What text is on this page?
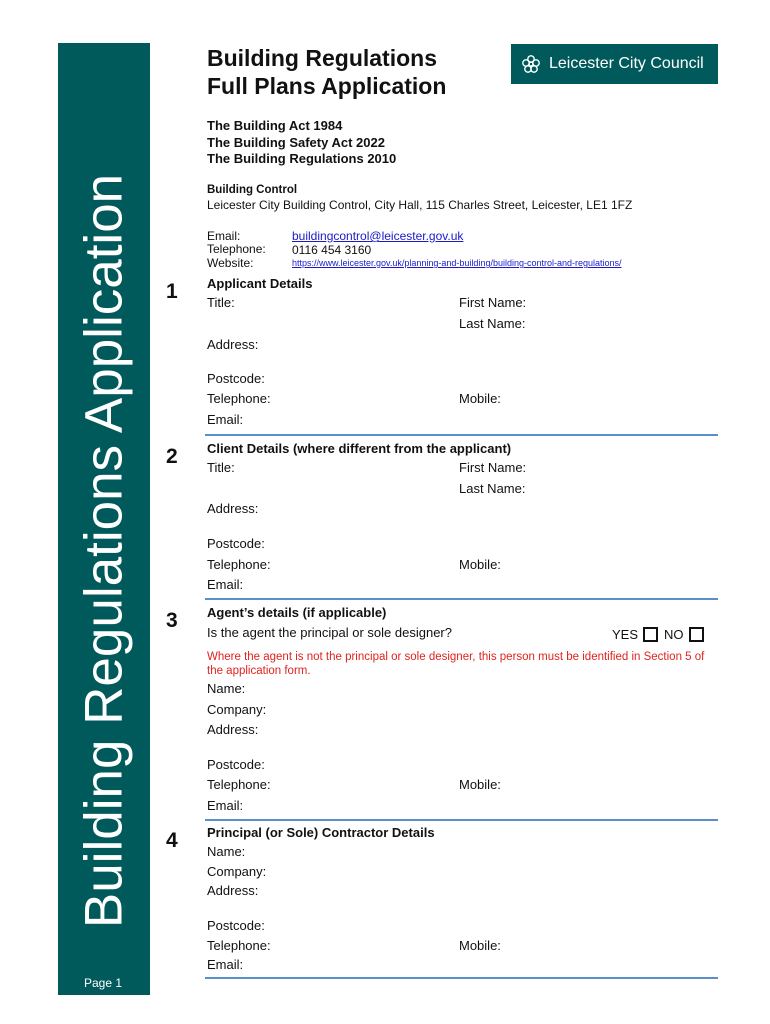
Building Regulations Application
Page 1
Building Regulations
Full Plans Application
Leicester City Council
The Building Act 1984
The Building Safety Act 2022
The Building Regulations 2010
Building Control
Leicester City Building Control, City Hall, 115 Charles Street, Leicester, LE1 1FZ
Email:	buildingcontrol@leicester.gov.uk
Telephone: 0116 454 3160
Website:	https://www.leicester.gov.uk/planning-and-building/building-control-and-regulations/
1 Applicant Details
Title:	First Name:
Last Name:
Address:
Postcode:
Telephone:	Mobile:
Email:
2 Client Details (where different from the applicant)
Title:	First Name:
Last Name:
Address:
Postcode:
Telephone:	Mobile:
Email:
3 Agent’s details (if applicable)
Is the agent the principal or sole designer?	YES NO
Where the agent is not the principal or sole designer, this person must be identified in Section 5 of the application form.
Name:
Company:
Address:
Postcode:
Telephone:	Mobile:
Email:
4 Principal (or Sole) Contractor Details
Name:
Company:
Address:
Postcode:
Telephone:	Mobile:
Email:
